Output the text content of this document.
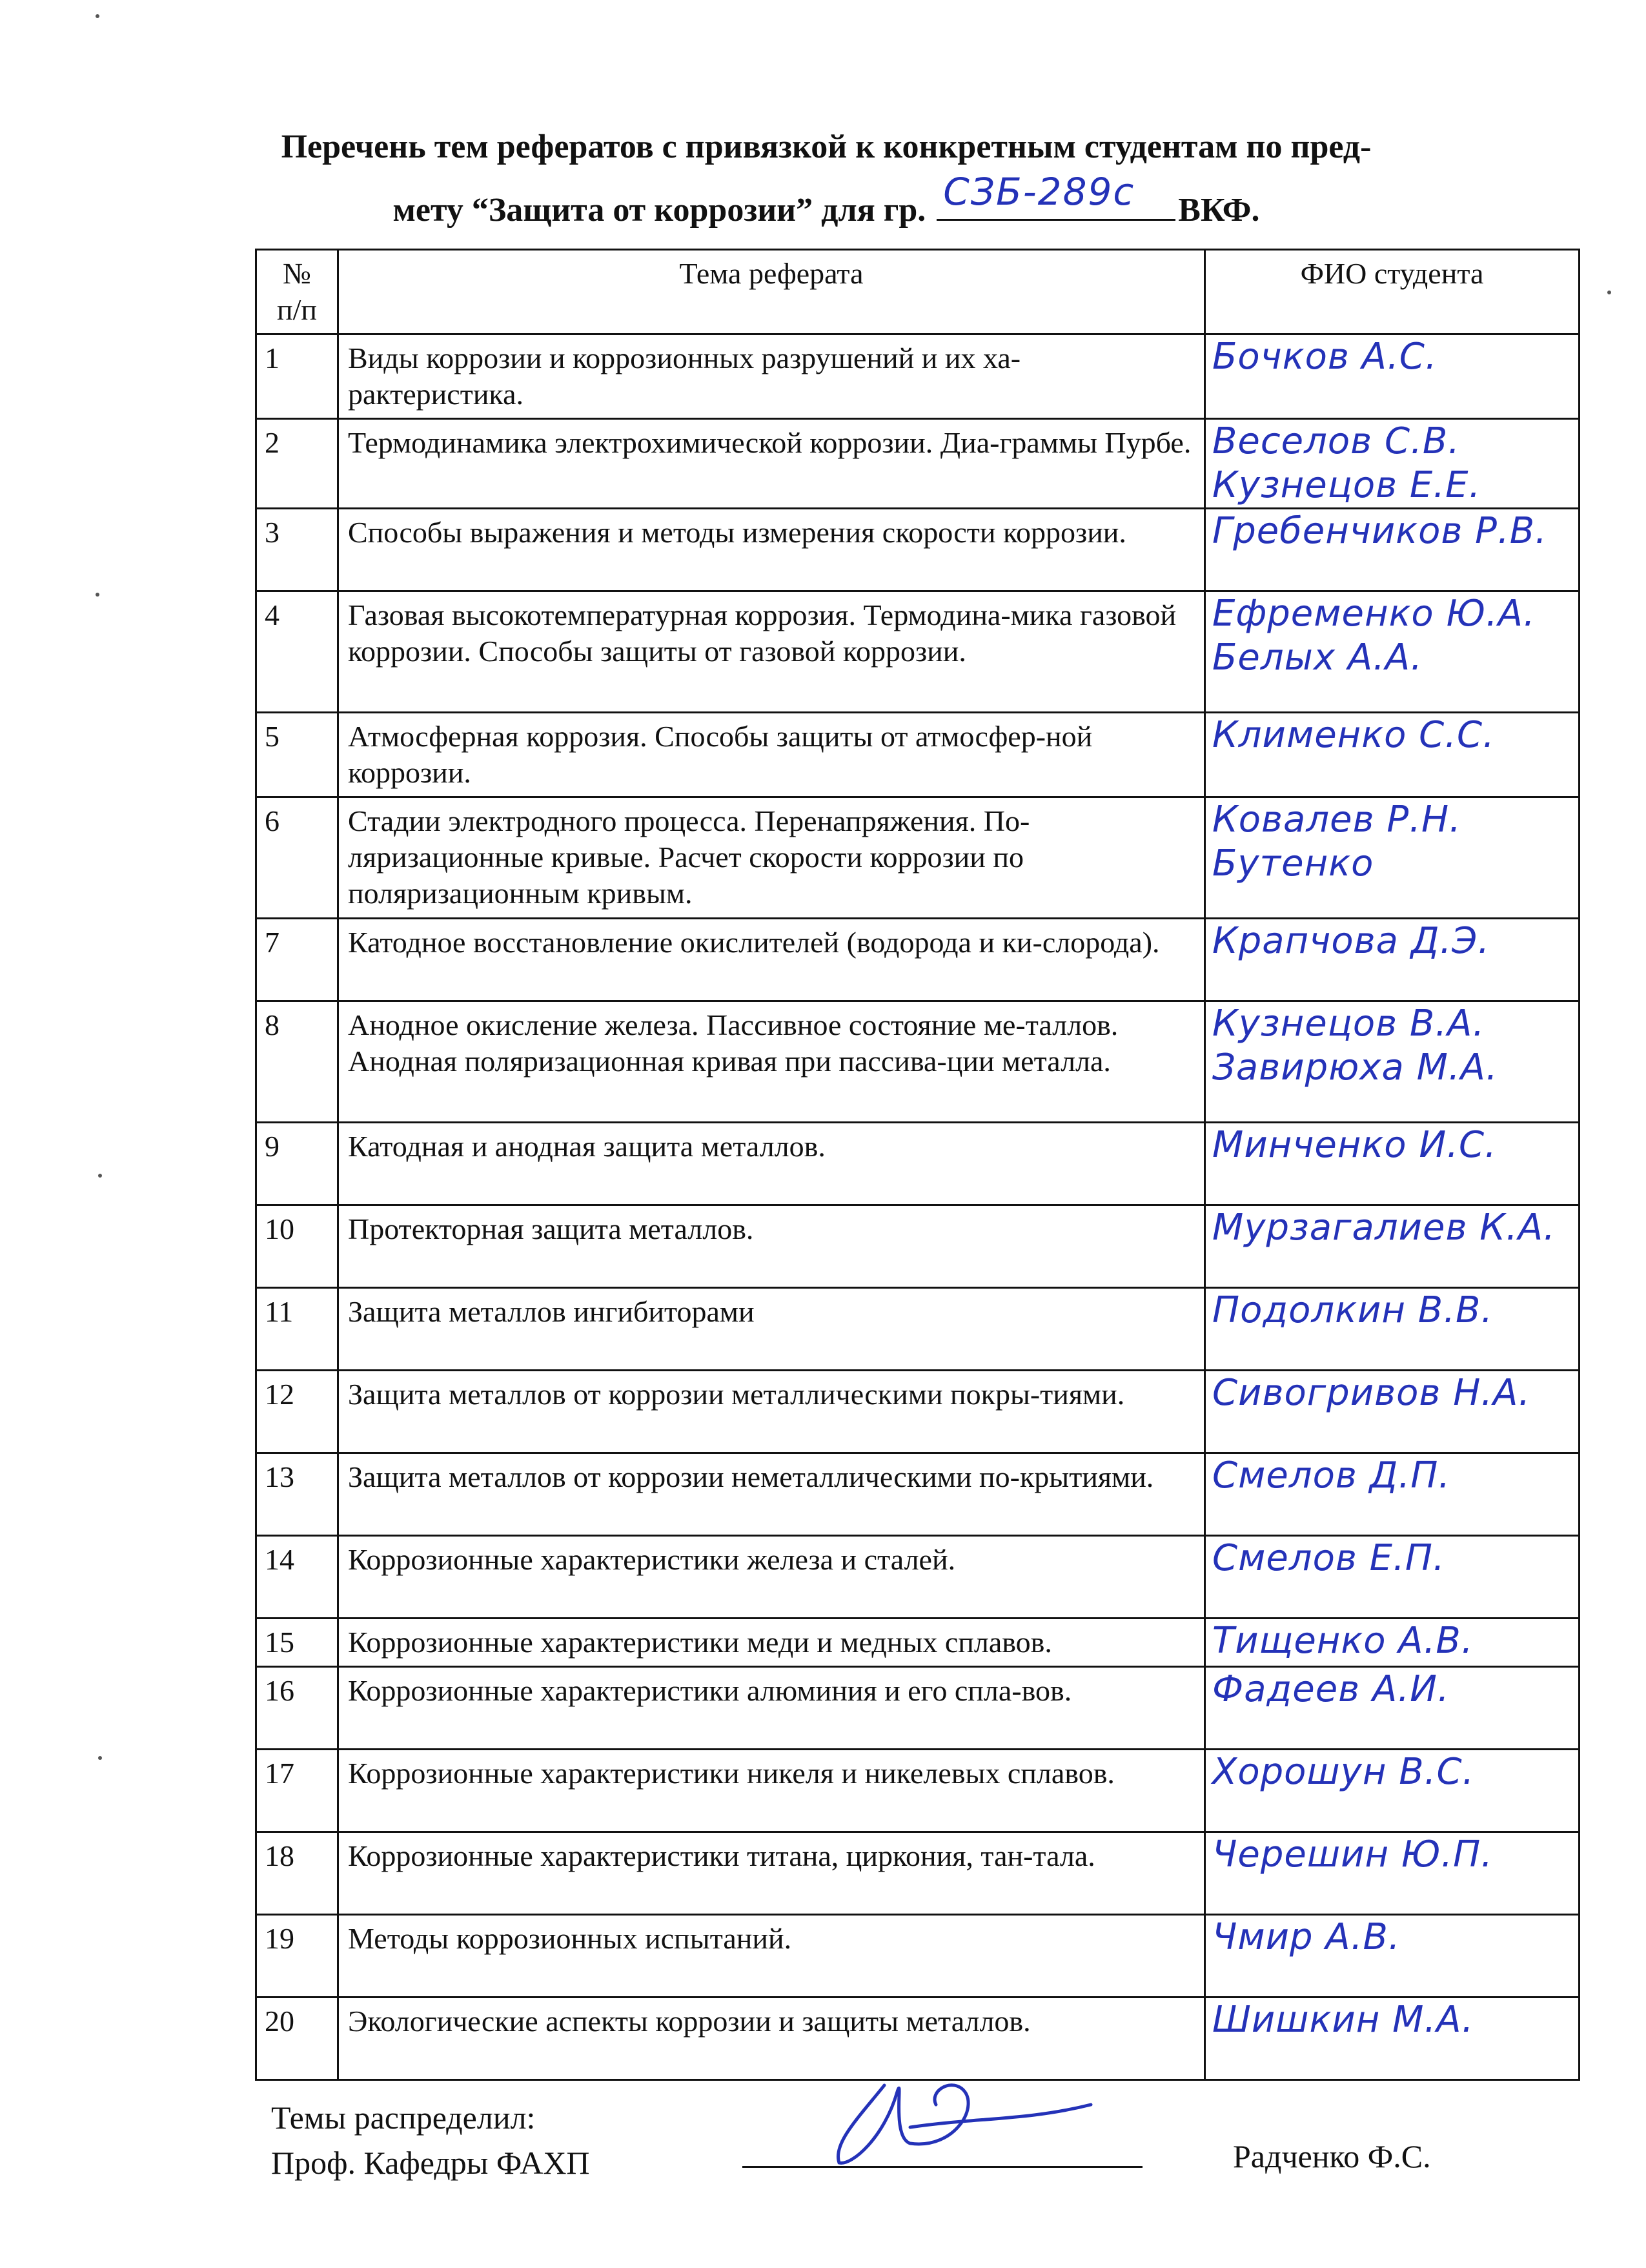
Перечень тем рефератов с привязкой к конкретным студентам по пред-
мету “Защита от коррозии” для гр. СЗБ-289с ВКФ.
№
п/п	Тема реферата	ФИО студента
1	Виды коррозии и коррозионных разрушений и их ха-рактеристика.	Бочков А.С.

2	Термодинамика электрохимической коррозии. Диа-граммы Пурбе.	Веселов С.В.
Кузнецов Е.Е.

3	Способы выражения и методы измерения скорости коррозии.	Гребенчиков Р.В.

4	Газовая высокотемпературная коррозия. Термодина-мика газовой коррозии. Способы защиты от газовой коррозии.	Ефременко Ю.А.
Белых А.А.

5	Атмосферная коррозия. Способы защиты от атмосфер-ной коррозии.	Клименко С.С.

6	Стадии электродного процесса. Перенапряжения. По-ляризационные кривые. Расчет скорости коррозии по поляризационным кривым.	Ковалев Р.Н.
Бутенко

7	Катодное восстановление окислителей (водорода и ки-слорода).	Крапчова Д.Э.

8	Анодное окисление железа. Пассивное состояние ме-таллов. Анодная поляризационная кривая при пассива-ции металла.	Кузнецов В.А.
Завирюха М.А.

9	Катодная и анодная защита металлов.	Минченко И.С.

10	Протекторная защита металлов.	Мурзагалиев К.А.

11	Защита металлов ингибиторами	Подолкин В.В.

12	Защита металлов от коррозии металлическими покры-тиями.	Сивогривов Н.А.

13	Защита металлов от коррозии неметаллическими по-крытиями.	Смелов Д.П.

14	Коррозионные характеристики железа и сталей.	Смелов Е.П.

15	Коррозионные характеристики меди и медных сплавов.	Тищенко А.В.

16	Коррозионные характеристики алюминия и его спла-вов.	Фадеев А.И.

17	Коррозионные характеристики никеля и никелевых сплавов.	Хорошун В.С.

18	Коррозионные характеристики титана, циркония, тан-тала.	Черешин Ю.П.

19	Методы коррозионных испытаний.	Чмир А.В.

20	Экологические аспекты коррозии и защиты металлов.	Шишкин М.А.
Темы распределил:
Проф. Кафедры ФАХП	Радченко Ф.С.
